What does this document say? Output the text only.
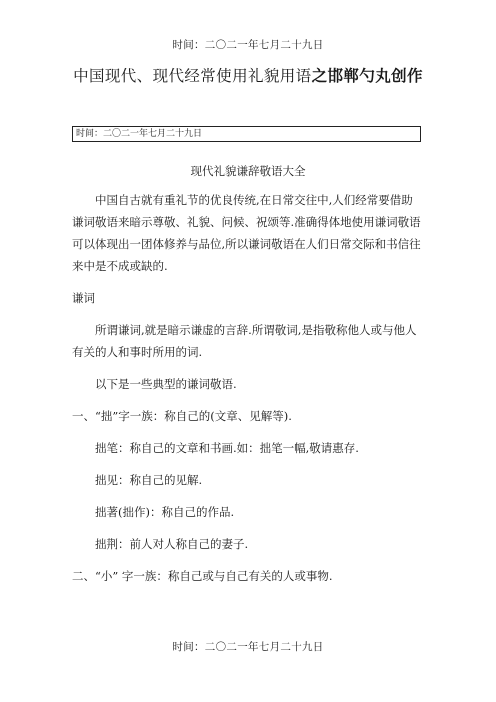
时间：二〇二一年七月二十九日
中国现代、现代经常使用礼貌用语之邯郸勺丸创作
时间：二〇二一年七月二十九日

现代礼貌谦辞敬语大全

中国自古就有重礼节的优良传统,在日常交往中,人们经常要借助谦词敬语来暗示尊敬、礼貌、问候、祝颂等.准确得体地使用谦词敬语可以体现出一团体修养与品位,所以谦词敬语在人们日常交际和书信往来中是不成或缺的.

谦词

所谓谦词,就是暗示谦虚的言辞.所谓敬词,是指敬称他人或与他人有关的人和事时所用的词.

以下是一些典型的谦词敬语.

一、“拙”字一族：称自己的(文章、见解等).

拙笔：称自己的文章和书画.如：拙笔一幅,敬请惠存.

拙见：称自己的见解.

拙著(拙作)：称自己的作品.

拙荆：前人对人称自己的妻子.

二、“小” 字一族：称自己或与自己有关的人或事物.

时间：二〇二一年七月二十九日
